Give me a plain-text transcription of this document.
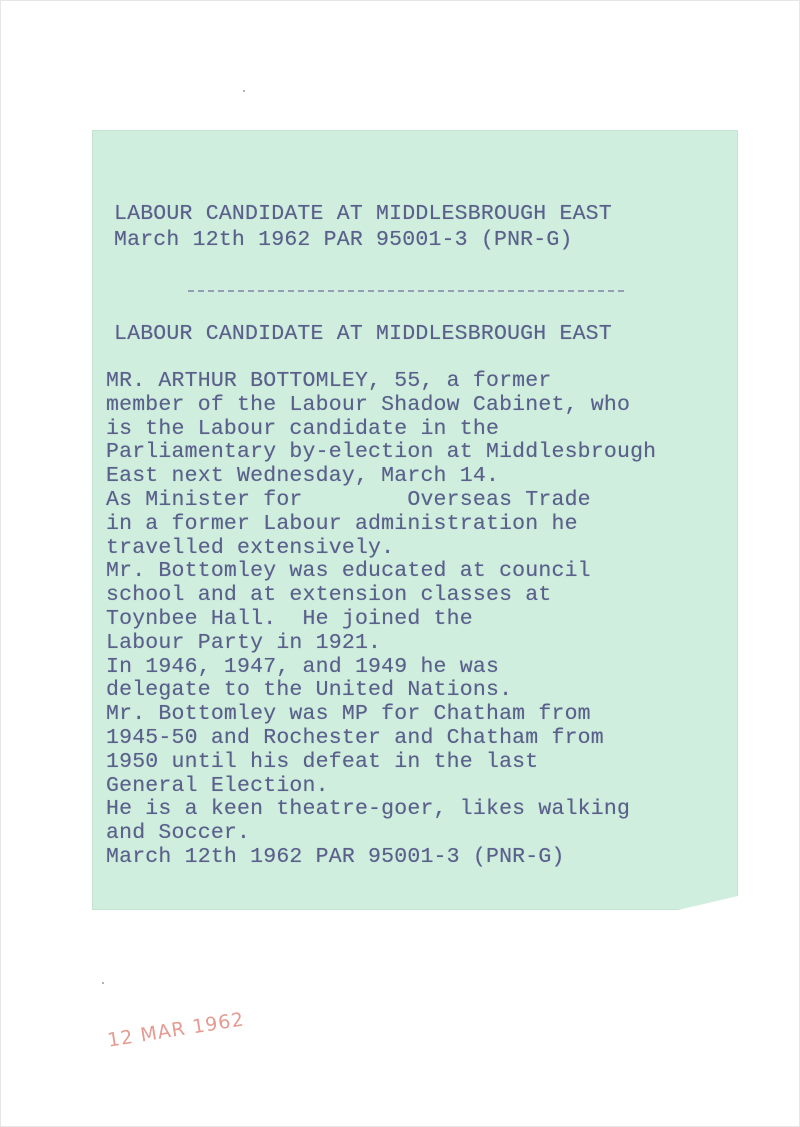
LABOUR CANDIDATE AT MIDDLESBROUGH EAST

March 12th 1962 PAR 95001-3 (PNR-G)

LABOUR CANDIDATE AT MIDDLESBROUGH EAST

MR. ARTHUR BOTTOMLEY, 55, a former
member of the Labour Shadow Cabinet, who
is the Labour candidate in the
Parliamentary by-election at Middlesbrough
East next Wednesday, March 14.
As Minister for        Overseas Trade
in a former Labour administration he
travelled extensively.
Mr. Bottomley was educated at council
school and at extension classes at
Toynbee Hall.  He joined the
Labour Party in 1921.
In 1946, 1947, and 1949 he was
delegate to the United Nations.
Mr. Bottomley was MP for Chatham from
1945-50 and Rochester and Chatham from
1950 until his defeat in the last
General Election.
He is a keen theatre-goer, likes walking
and Soccer.
March 12th 1962 PAR 95001-3 (PNR-G)
12 MAR 1962
